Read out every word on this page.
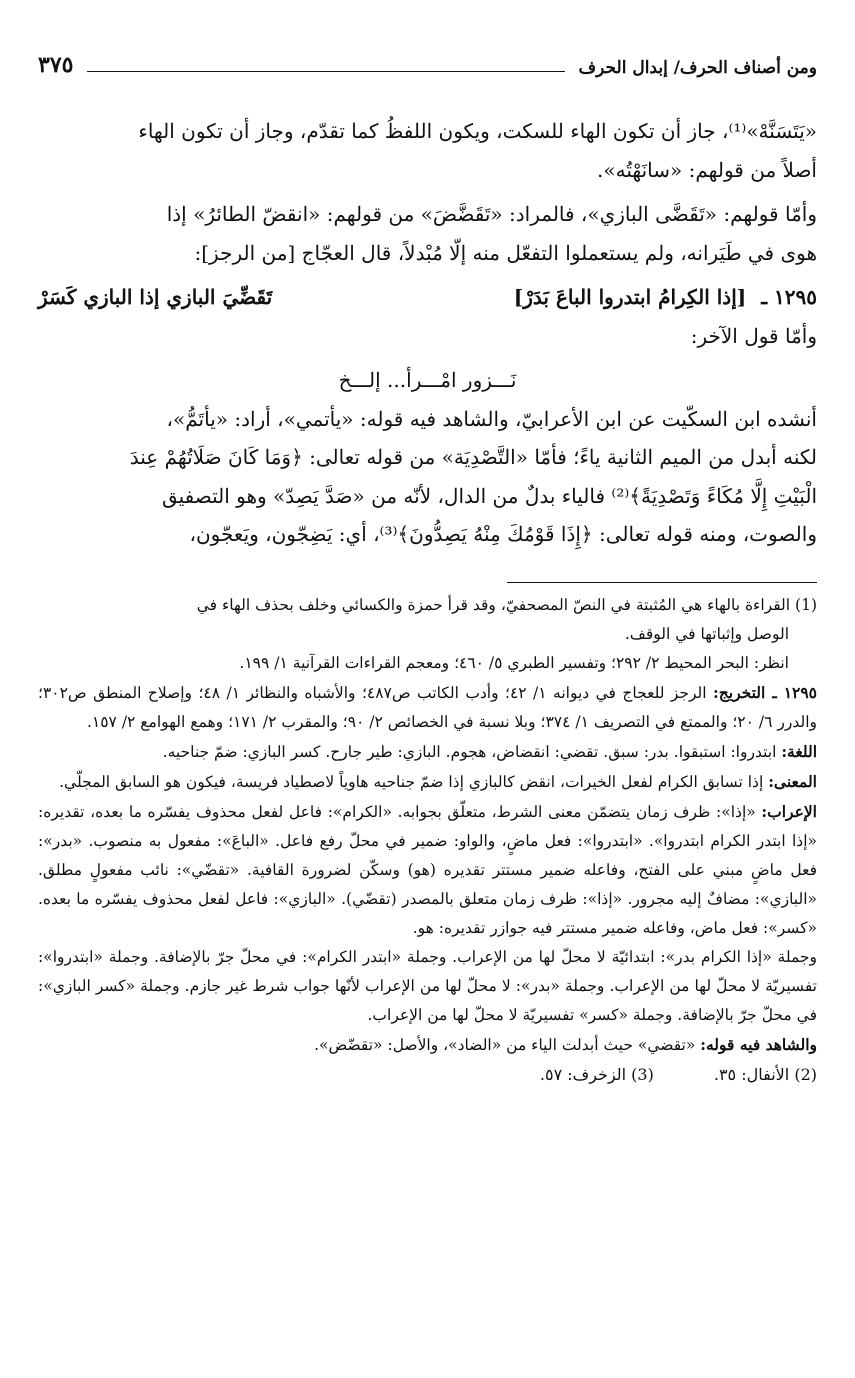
ومن أصناف الحرف/ إبدال الحرف
٣٧٥

«يَتَسَنَّهْ»⁽¹⁾، جاز أن تكون الهاء للسكت، ويكون اللفظُ كما تقدّم، وجاز أن تكون الهاء

أصلاً من قولهم: «سانَهْتُه».

وأمّا قولهم: «تَقَضَّى البازي»، فالمراد: «تَقَضَّضَ» من قولهم: «انقضّ الطائرُ» إذا

هوى في طَيَرانه، ولم يستعملوا التفعّل منه إلّا مُبْدلاً، قال العجّاج [من الرجز]:

١٢٩٥ ـ [إذا الكِرامُ ابتدروا الباعَ بَدَرْ]
تَقَضِّيَ البازي إذا البازي كَسَرْ

وأمّا قول الآخر:

نَـــزور امْـــرأ... إلـــخ

أنشده ابن السكّيت عن ابن الأعرابيّ، والشاهد فيه قوله: «يأتمي»، أراد: «يأتَمُّ»،

لكنه أبدل من الميم الثانية ياءً؛ فأمّا «التَّصْدِيَة» من قوله تعالى: ﴿وَمَا كَانَ صَلَاتُهُمْ عِندَ

الْبَيْتِ إِلَّا مُكَاءً وَتَصْدِيَةً﴾⁽²⁾ فالياء بدلٌ من الدال، لأنّه من «صَدَّ يَصِدّ» وهو التصفيق

والصوت، ومنه قوله تعالى: ﴿إِذَا قَوْمُكَ مِنْهُ يَصِدُّونَ﴾⁽³⁾، أي: يَضِجّون، ويَعجّون،

(1) القراءة بالهاء هي المُثبتة في النصّ المصحفيّ، وقد قرأ حمزة والكسائي وخلف بحذف الهاء في

الوصل وإثباتها في الوقف.

انظر: البحر المحيط ٢/ ٢٩٢؛ وتفسير الطبري ٥/ ٤٦٠؛ ومعجم القراءات القرآنية ١/ ١٩٩.

١٢٩٥ ـ التخريج: الرجز للعجاج في ديوانه ١/ ٤٢؛ وأدب الكاتب ص٤٨٧؛ والأشباه والنظائر ١/ ٤٨؛ وإصلاح المنطق ص٣٠٢؛ والدرر ٦/ ٢٠؛ والممتع في التصريف ١/ ٣٧٤؛ وبلا نسبة في الخصائص ٢/ ٩٠؛ والمقرب ٢/ ١٧١؛ وهمع الهوامع ٢/ ١٥٧.

اللغة: ابتدروا: استبقوا. بدر: سبق. تقضي: انقضاض، هجوم. البازي: طير جارح. كسر البازي: ضمّ جناحيه.

المعنى: إذا تسابق الكرام لفعل الخيرات، انقض كالبازي إذا ضمّ جناحيه هاوياً لاصطياد فريسة، فيكون هو السابق المجلّي.

الإعراب: «إذا»: ظرف زمان يتضمّن معنى الشرط، متعلّق بجوابه. «الكرام»: فاعل لفعل محذوف يفسّره ما بعده، تقديره: «إذا ابتدر الكرام ابتدروا». «ابتدروا»: فعل ماضٍ، والواو: ضمير في محلّ رفع فاعل. «الباعَ»: مفعول به منصوب. «بدر»: فعل ماضٍ مبني على الفتح، وفاعله ضمير مستتر تقديره (هو) وسكّن لضرورة القافية. «تقضّي»: نائب مفعولٍ مطلق. «البازي»: مضافٌ إليه مجرور. «إذا»: ظرف زمان متعلق بالمصدر (تقضّي). «البازي»: فاعل لفعل محذوف يفسّره ما بعده. «كسر»: فعل ماض، وفاعله ضمير مستتر فيه جوازر تقديره: هو.

وجملة «إذا الكرام بدر»: ابتدائيّة لا محلّ لها من الإعراب. وجملة «ابتدر الكرام»: في محلّ جرّ بالإضافة. وجملة «ابتدروا»: تفسيريّة لا محلّ لها من الإعراب. وجملة «بدر»: لا محلّ لها من الإعراب لأنّها جواب شرط غير جازم. وجملة «كسر البازي»: في محلّ جرّ بالإضافة. وجملة «كسر» تفسيريّة لا محلّ لها من الإعراب.

والشاهد فيه قوله: «تقضي» حيث أبدلت الياء من «الضاد»، والأصل: «تقضّض».

(2) الأنفال: ٣٥.
(3) الزخرف: ٥٧.
